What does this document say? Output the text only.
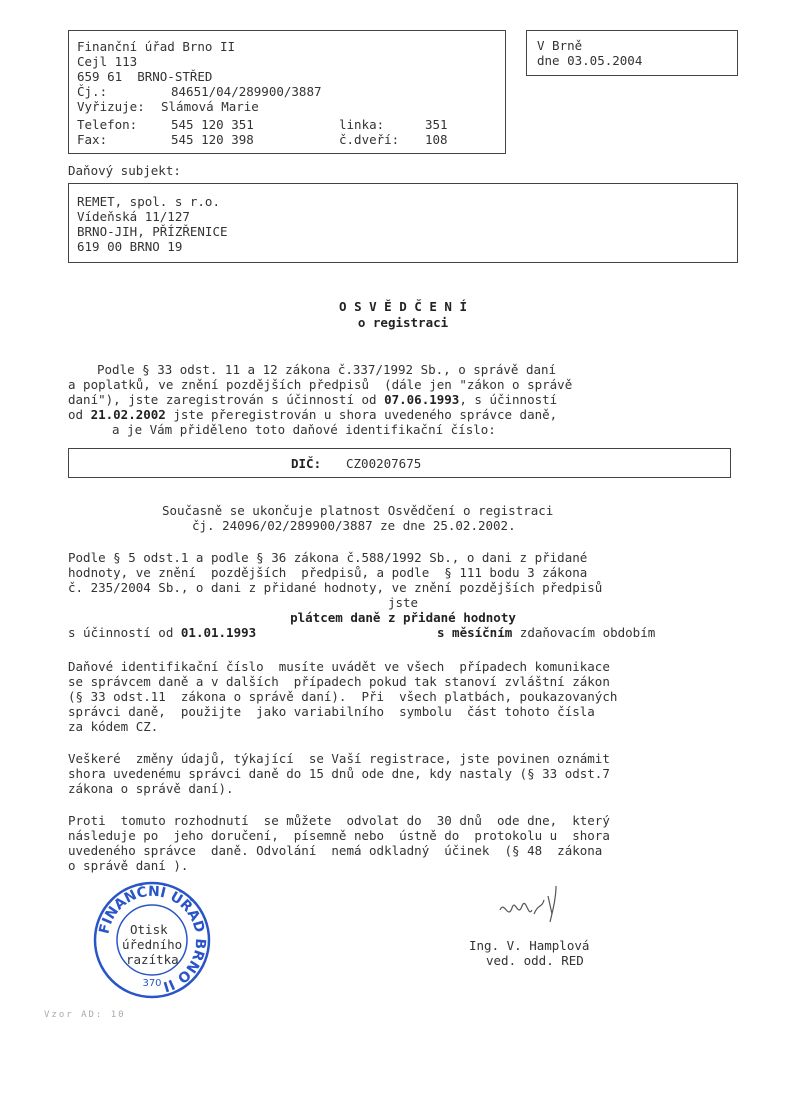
Finanční úřad Brno II
Cejl 113
659 61  BRNO-STŘED
Čj.:	84651/04/289900/3887
Vyřizuje: Slámová Marie
Telefon:	545 120 351	linka:	351
Fax:	545 120 398	č.dveří: 108
V Brně
dne 03.05.2004
Daňový subjekt:
REMET, spol. s r.o.
Vídeňská 11/127
BRNO-JIH, PŘÍZŘENICE
619 00 BRNO 19
O S V Ě D Č E N Í
o registraci
Podle § 33 odst. 11 a 12 zákona č.337/1992 Sb., o správě daní
a poplatků, ve znění pozdějších předpisů  (dále jen "zákon o správě
daní"), jste zaregistrován s účinností od 07.06.1993, s účinností
od 21.02.2002 jste přeregistrován u shora uvedeného správce daně,
a je Vám přiděleno toto daňové identifikační číslo:
DIČ: CZ00207675
Současně se ukončuje platnost Osvědčení o registraci
čj. 24096/02/289900/3887 ze dne 25.02.2002.
Podle § 5 odst.1 a podle § 36 zákona č.588/1992 Sb., o dani z přidané
hodnoty, ve znění  pozdějších  předpisů, a podle  § 111 bodu 3 zákona
č. 235/2004 Sb., o dani z přidané hodnoty, ve znění pozdějších předpisů
jste
plátcem daně z přidané hodnoty
s účinností od 01.01.1993	s měsíčním zdaňovacím obdobím
Daňové identifikační číslo  musíte uvádět ve všech  případech komunikace
se správcem daně a v dalších  případech pokud tak stanoví zvláštní zákon
(§ 33 odst.11  zákona o správě daní).  Při  všech platbách, poukazovaných
správci daně,  použijte  jako variabilního  symbolu  část tohoto čísla
za kódem CZ.
Veškeré  změny údajů, týkající  se Vaší registrace, jste povinen oznámit
shora uvedenému správci daně do 15 dnů ode dne, kdy nastaly (§ 33 odst.7
zákona o správě daní).
Proti  tomuto rozhodnutí  se můžete  odvolat do  30 dnů  ode dne,  který
následuje po  jeho doručení,  písemně nebo  ústně do  protokolu u  shora
uvedeného správce  daně. Odvolání  nemá odkladný  účinek  (§ 48  zákona
o správě daní ).
FINANČNÍ ÚŘAD BRNO II
370
Otisk
úředního
razítka
Ing. V. Hamplová
ved. odd. RED
Vzor AD: 10
